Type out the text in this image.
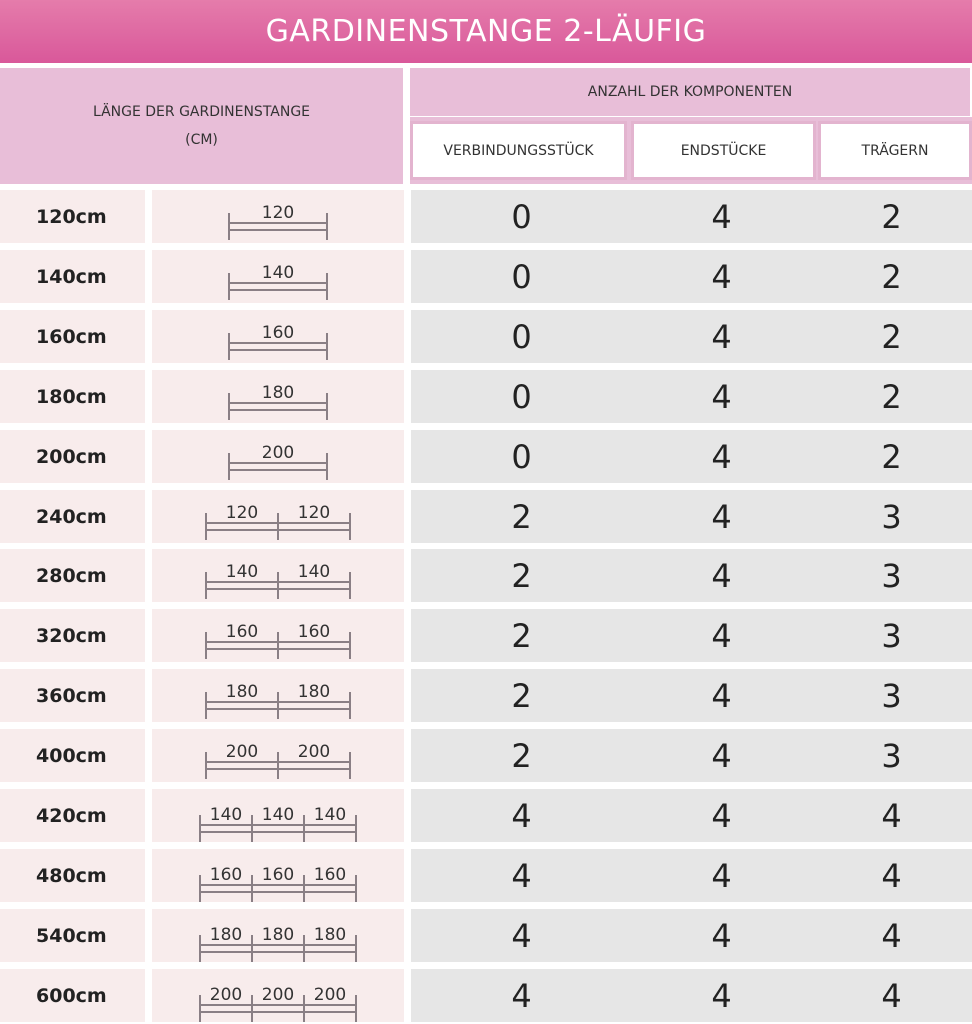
GARDINENSTANGE 2-LÄUFIG
LÄNGE DER GARDINENSTANGE
(CM)
ANZAHL DER KOMPONENTEN
VERBINDUNGSSTÜCK	ENDSTÜCKE	TRÄGERN
120cm	120	0	4	2
140cm	140	0	4	2
160cm	160	0	4	2
180cm	180	0	4	2
200cm	200	0	4	2
240cm	120 120	2	4	3
280cm	140 140	2	4	3
320cm	160 160	2	4	3
360cm	180 180	2	4	3
400cm	200 200	2	4	3
420cm	140 140 140	4	4	4
480cm	160 160 160	4	4	4
540cm	180 180 180	4	4	4
600cm	200 200 200	4	4	4
